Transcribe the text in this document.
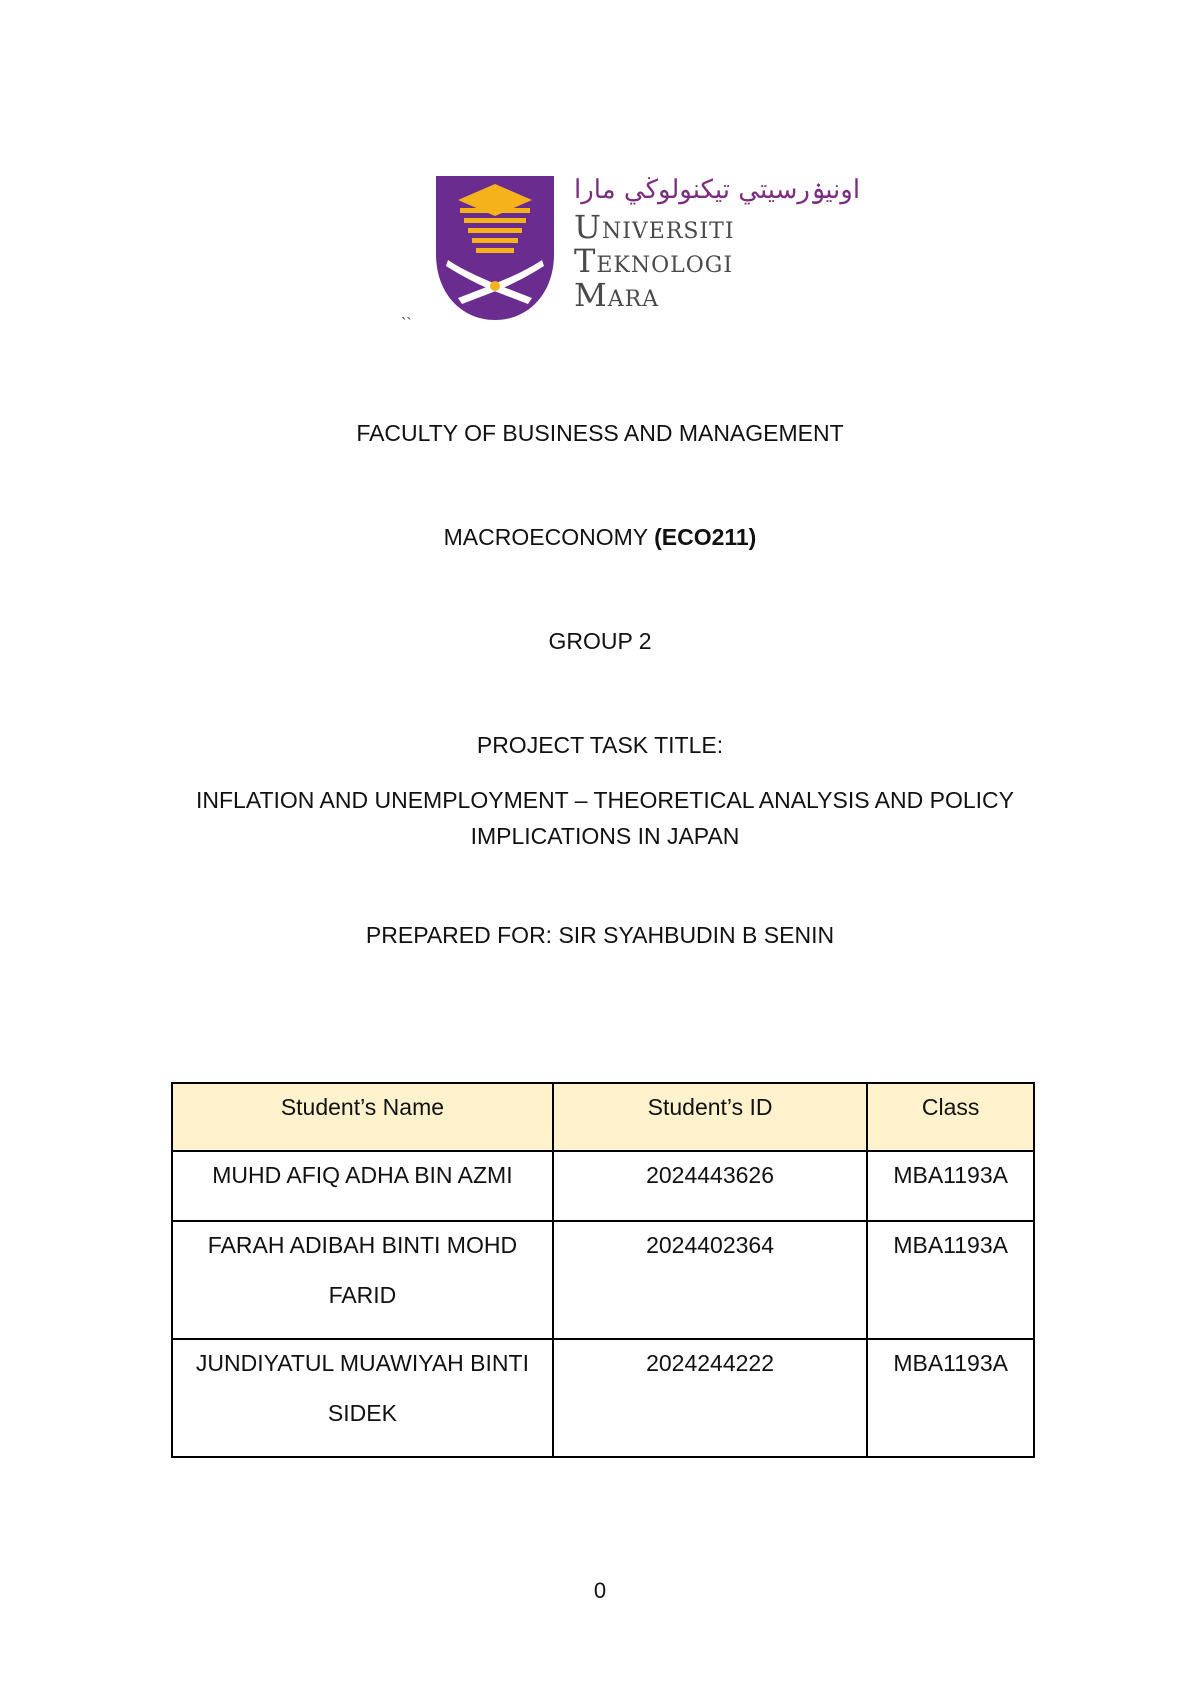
اونيۏرسيتي تيكنولوڬي مارا
Universiti
Teknologi
Mara
``
FACULTY OF BUSINESS AND MANAGEMENT
MACROECONOMY (ECO211)
GROUP 2
PROJECT TASK TITLE:
INFLATION AND UNEMPLOYMENT – THEORETICAL ANALYSIS AND POLICY IMPLICATIONS IN JAPAN
PREPARED FOR: SIR SYAHBUDIN B SENIN
Student’s Name	Student’s ID	Class

MUHD AFIQ ADHA BIN AZMI	2024443626	MBA1193A

FARAH ADIBAH BINTI MOHD
FARID	2024402364	MBA1193A

JUNDIYATUL MUAWIYAH BINTI
SIDEK	2024244222	MBA1193A
0
